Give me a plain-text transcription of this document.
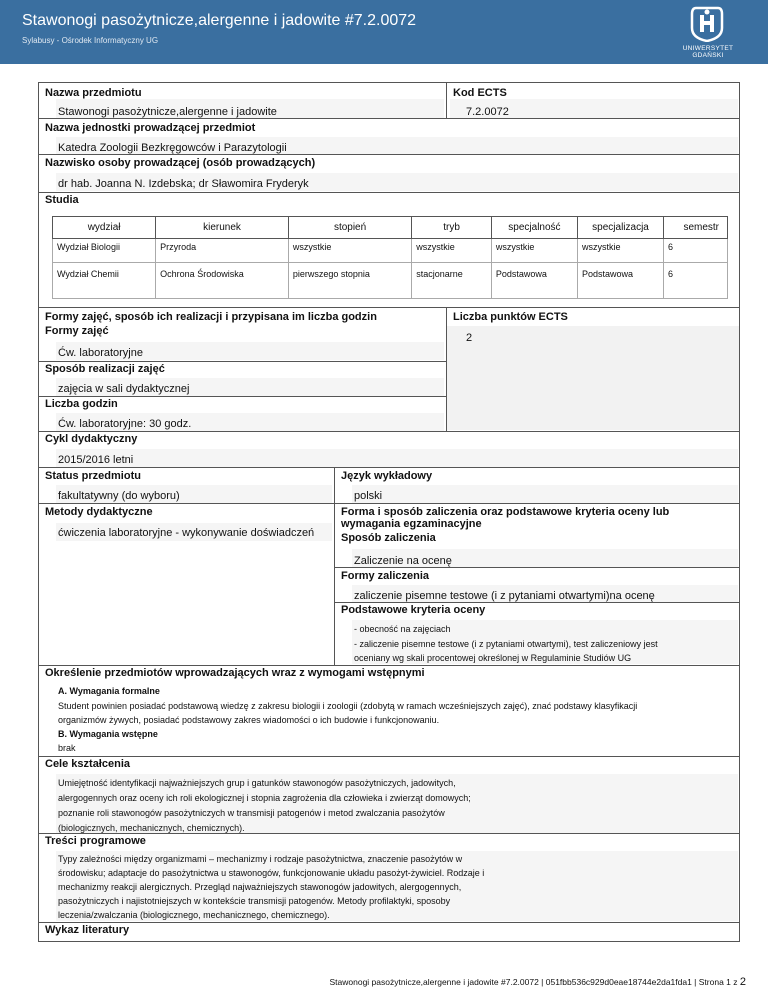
Stawonogi pasożytnicze,alergenne i jadowite #7.2.0072
Sylabusy - Ośrodek Informatyczny UG
UNIWERSYTET GDAŃSKI
Nazwa przedmiotu	Kod ECTS
Stawonogi pasożytnicze,alergenne i jadowite	7.2.0072
Nazwa jednostki prowadzącej przedmiot
Katedra Zoologii Bezkręgowców i Parazytologii
Nazwisko osoby prowadzącej (osób prowadzących)
dr hab. Joanna N. Izdebska; dr Sławomira Fryderyk
Studia
wydział	kierunek	stopień	tryb	specjalność	specjalizacja	semestr
Wydział Biologii	Przyroda	wszystkie	wszystkie	wszystkie	wszystkie	6
Wydział Chemii	Ochrona Środowiska	pierwszego stopnia	stacjonarne	Podstawowa	Podstawowa	6
Formy zajęć, sposób ich realizacji i przypisana im liczba godzin
Formy zajęć
Liczba punktów ECTS
2
Ćw. laboratoryjne
Sposób realizacji zajęć
zajęcia w sali dydaktycznej
Liczba godzin
Ćw. laboratoryjne: 30 godz.
Cykl dydaktyczny
2015/2016 letni
Status przedmiotu	Język wykładowy
fakultatywny (do wyboru)	polski
Metody dydaktyczne
ćwiczenia laboratoryjne - wykonywanie doświadczeń
Forma i sposób zaliczenia oraz podstawowe kryteria oceny lub wymagania egzaminacyjne
Sposób zaliczenia
Zaliczenie na ocenę
Formy zaliczenia
zaliczenie pisemne testowe (i z pytaniami otwartymi)na ocenę
Podstawowe kryteria oceny
- obecność na zajęciach
- zaliczenie pisemne testowe (i z pytaniami otwartymi), test zaliczeniowy jest
oceniany wg skali procentowej określonej w Regulaminie Studiów UG
Określenie przedmiotów wprowadzających wraz z wymogami wstępnymi
A. Wymagania formalne
Student powinien posiadać podstawową wiedzę z zakresu biologii i zoologii (zdobytą w ramach wcześniejszych zajęć), znać podstawy klasyfikacji
organizmów żywych, posiadać podstawowy zakres wiadomości o ich budowie i funkcjonowaniu.
B. Wymagania wstępne
brak
Cele kształcenia
Umiejętność identyfikacji najważniejszych grup i gatunków stawonogów pasożytniczych, jadowitych,
alergogennych oraz oceny ich roli ekologicznej i stopnia zagrożenia dla człowieka i zwierząt domowych;
poznanie roli stawonogów pasożytniczych w transmisji patogenów i metod zwalczania pasożytów
(biologicznych, mechanicznych, chemicznych).
Treści programowe
Typy zależności między organizmami – mechanizmy i rodzaje pasożytnictwa, znaczenie pasożytów w
środowisku; adaptacje do pasożytnictwa u stawonogów, funkcjonowanie układu pasożyt-żywiciel. Rodzaje i
mechanizmy reakcji alergicznych. Przegląd najważniejszych stawonogów jadowitych, alergogennych,
pasożytniczych i najistotniejszych w kontekście transmisji patogenów. Metody profilaktyki, sposoby
leczenia/zwalczania (biologicznego, mechanicznego, chemicznego).
Wykaz literatury
Stawonogi pasożytnicze,alergenne i jadowite #7.2.0072 | 051fbb536c929d0eae18744e2da1fda1 | Strona 1 z 2
